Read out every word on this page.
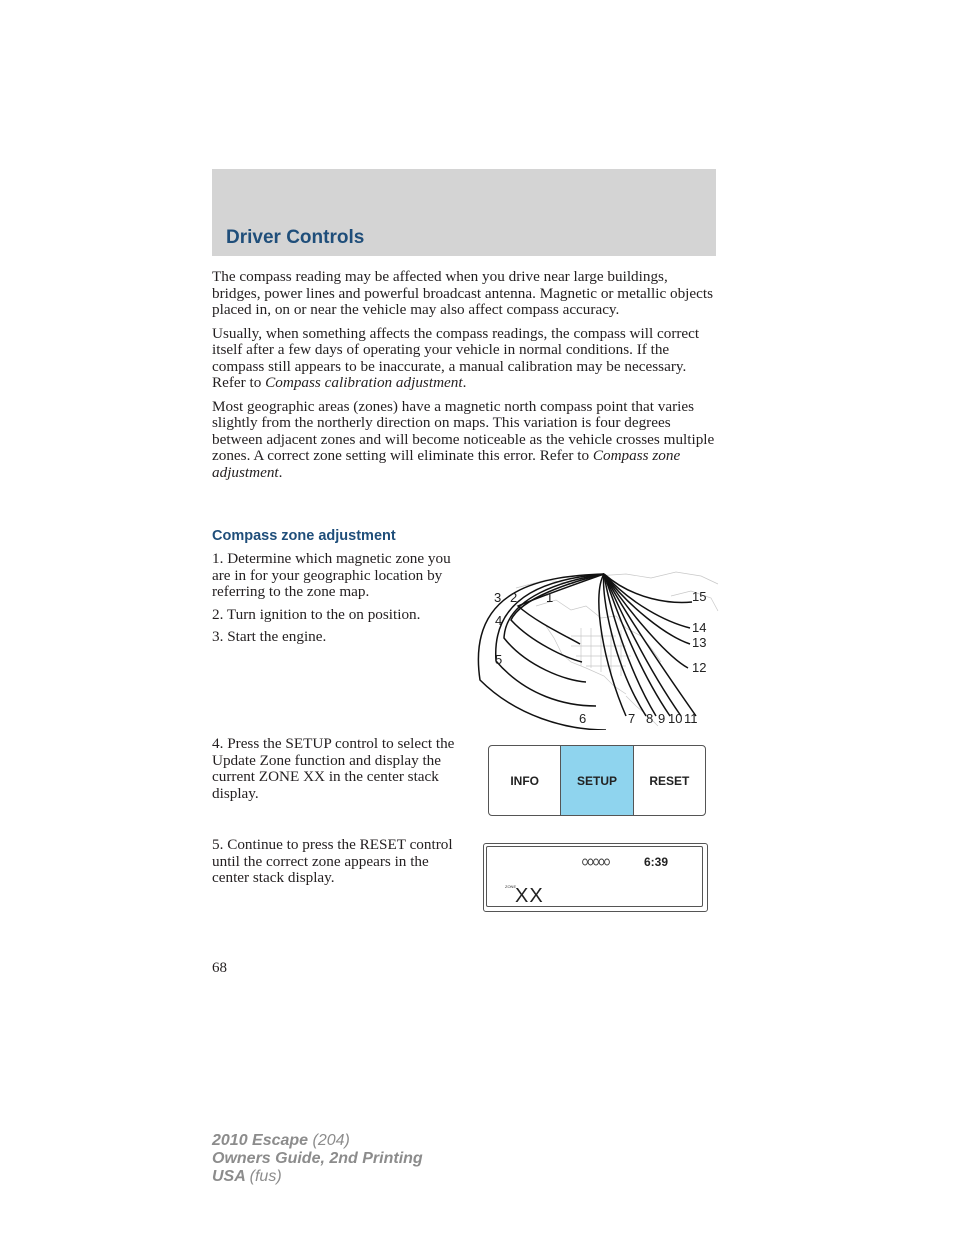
Driver Controls

The compass reading may be affected when you drive near large buildings, bridges, power lines and powerful broadcast antenna. Magnetic or metallic objects placed in, on or near the vehicle may also affect compass accuracy.

Usually, when something affects the compass readings, the compass will correct itself after a few days of operating your vehicle in normal conditions. If the compass still appears to be inaccurate, a manual calibration may be necessary. Refer to Compass calibration adjustment.

Most geographic areas (zones) have a magnetic north compass point that varies slightly from the northerly direction on maps. This variation is four degrees between adjacent zones and will become noticeable as the vehicle crosses multiple zones. A correct zone setting will eliminate this error. Refer to Compass zone adjustment.

Compass zone adjustment

1. Determine which magnetic zone you are in for your geographic location by referring to the zone map.

2. Turn ignition to the on position.

3. Start the engine.

1
2
3
4
5
6	7 8 9 10 11
12
13
14
15

4. Press the SETUP control to select the Update Zone function and display the current ZONE XX in the center stack display.

INFO	SETUP	RESET

5. Continue to press the RESET control until the correct zone appears in the center stack display.

6:39
ZONE
XX
68
2010 Escape (204)
Owners Guide, 2nd Printing
USA (fus)
